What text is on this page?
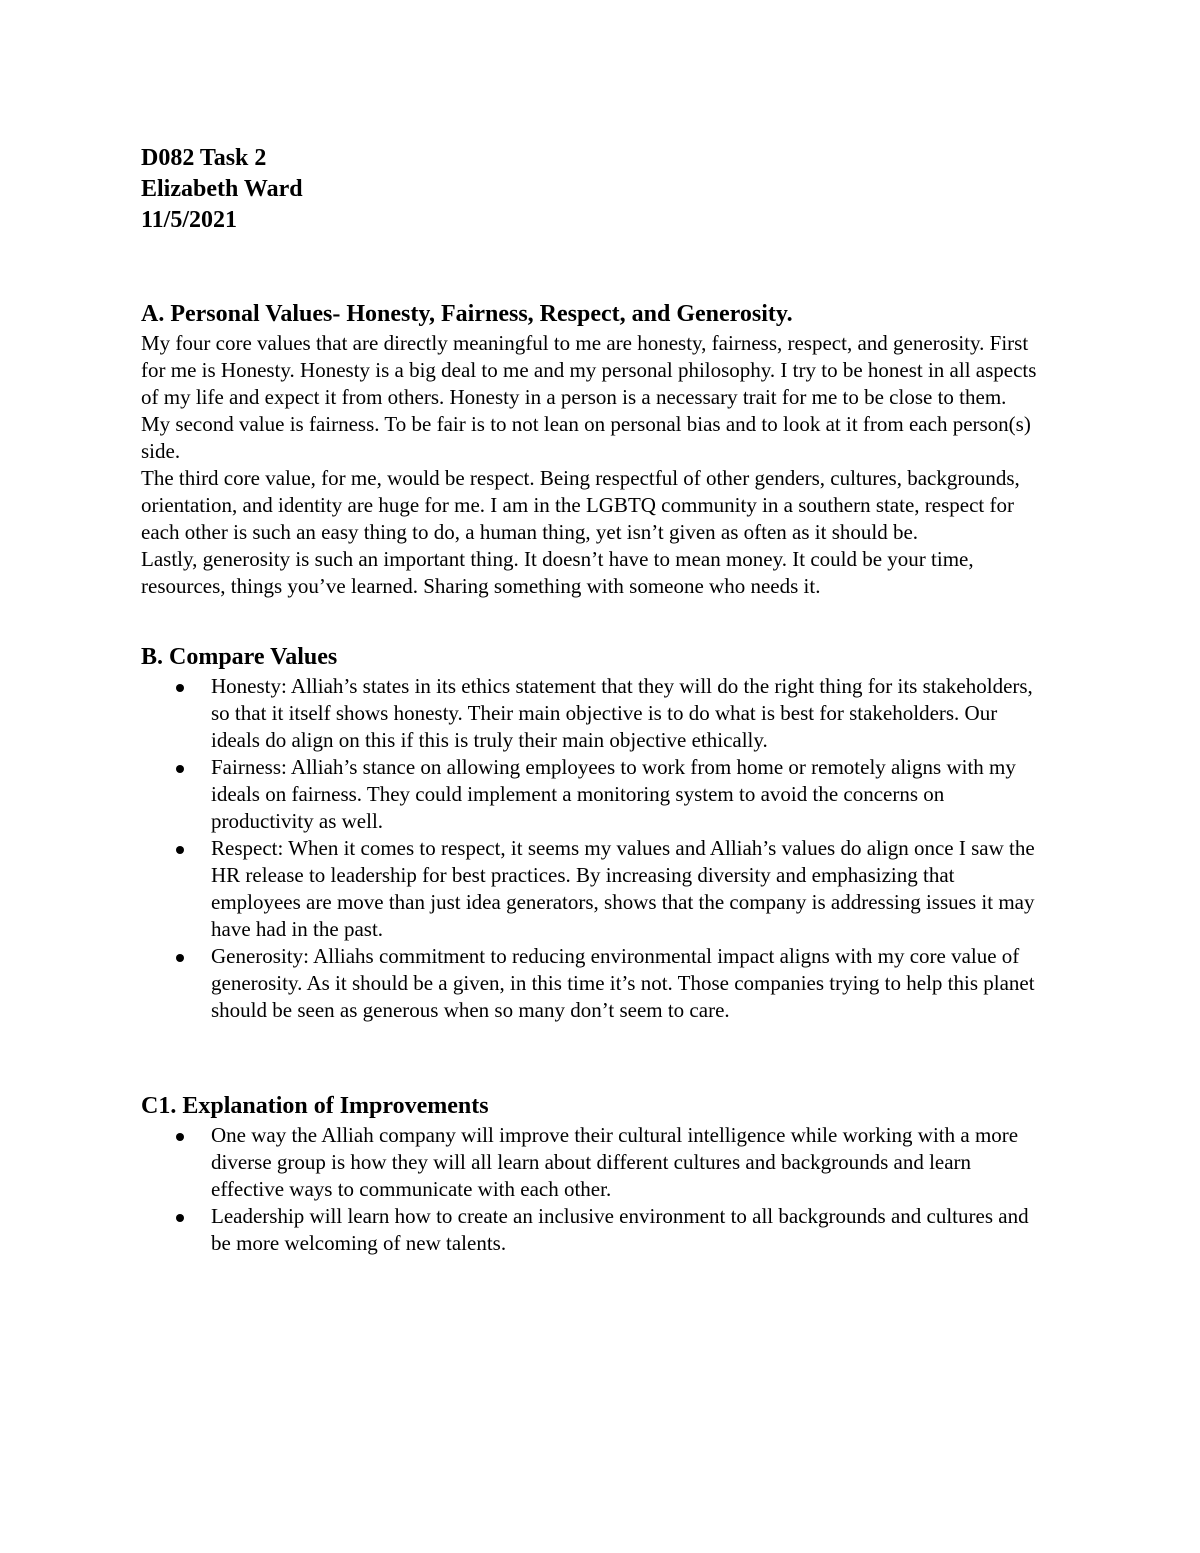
D082 Task 2

Elizabeth Ward

11/5/2021

A. Personal Values- Honesty, Fairness, Respect, and Generosity.

My four core values that are directly meaningful to me are honesty, fairness, respect, and generosity. First for me is Honesty. Honesty is a big deal to me and my personal philosophy. I try to be honest in all aspects of my life and expect it from others. Honesty in a person is a necessary trait for me to be close to them.

My second value is fairness. To be fair is to not lean on personal bias and to look at it from each person(s) side.

The third core value, for me, would be respect. Being respectful of other genders, cultures, backgrounds, orientation, and identity are huge for me. I am in the LGBTQ community in a southern state, respect for each other is such an easy thing to do, a human thing, yet isn’t given as often as it should be.

Lastly, generosity is such an important thing. It doesn’t have to mean money. It could be your time, resources, things you’ve learned. Sharing something with someone who needs it.

B. Compare Values

Honesty: Alliah’s states in its ethics statement that they will do the right thing for its stakeholders, so that it itself shows honesty. Their main objective is to do what is best for stakeholders. Our ideals do align on this if this is truly their main objective ethically.
Fairness: Alliah’s stance on allowing employees to work from home or remotely aligns with my ideals on fairness. They could implement a monitoring system to avoid the concerns on productivity as well.
Respect: When it comes to respect, it seems my values and Alliah’s values do align once I saw the HR release to leadership for best practices. By increasing diversity and emphasizing that employees are move than just idea generators, shows that the company is addressing issues it may have had in the past.
Generosity: Alliahs commitment to reducing environmental impact aligns with my core value of generosity. As it should be a given, in this time it’s not. Those companies trying to help this planet should be seen as generous when so many don’t seem to care.

C1. Explanation of Improvements

One way the Alliah company will improve their cultural intelligence while working with a more diverse group is how they will all learn about different cultures and backgrounds and learn effective ways to communicate with each other.
Leadership will learn how to create an inclusive environment to all backgrounds and cultures and be more welcoming of new talents.
